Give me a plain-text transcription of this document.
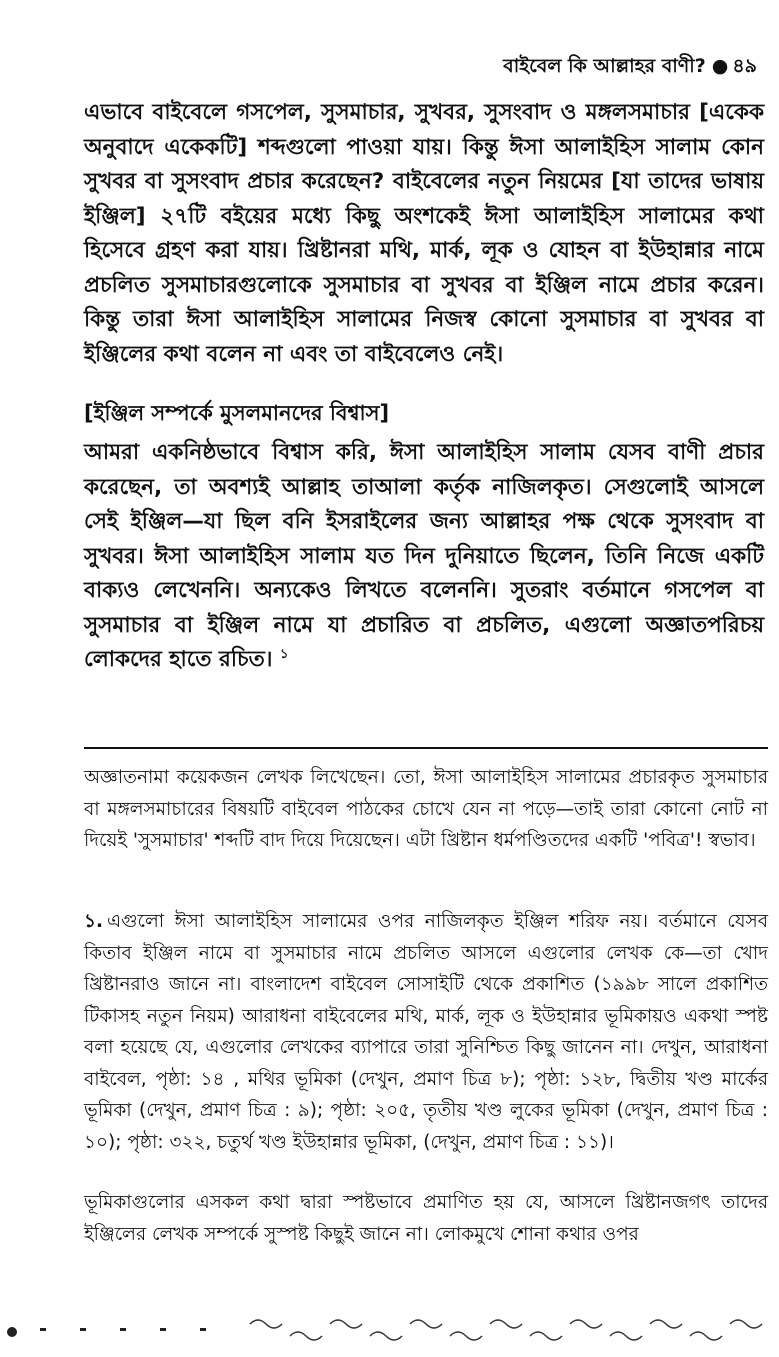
বাইবেল কি আল্লাহর বাণী? ● ৪৯
এভাবে বাইবেলে গসপেল, সুসমাচার, সুখবর, সুসংবাদ ও মঙ্গলসমাচার [একেক অনুবাদে একেকটি] শব্দগুলো পাওয়া যায়। কিন্তু ঈসা আলাইহিস সালাম কোন সুখবর বা সুসংবাদ প্রচার করেছেন? বাইবেলের নতুন নিয়মের [যা তাদের ভাষায় ইঞ্জিল] ২৭টি বইয়ের মধ্যে কিছু অংশকেই ঈসা আলাইহিস সালামের কথা হিসেবে গ্রহণ করা যায়। খ্রিষ্টানরা মথি, মার্ক, লূক ও যোহন বা ইউহান্নার নামে প্রচলিত সুসমাচারগুলোকে সুসমাচার বা সুখবর বা ইঞ্জিল নামে প্রচার করেন। কিন্তু তারা ঈসা আলাইহিস সালামের নিজস্ব কোনো সুসমাচার বা সুখবর বা ইঞ্জিলের কথা বলেন না এবং তা বাইবেলেও নেই।
[ইঞ্জিল সম্পর্কে মুসলমানদের বিশ্বাস]
আমরা একনিষ্ঠভাবে বিশ্বাস করি, ঈসা আলাইহিস সালাম যেসব বাণী প্রচার করেছেন, তা অবশ্যই আল্লাহ তাআলা কর্তৃক নাজিলকৃত। সেগুলোই আসলে সেই ইঞ্জিল—যা ছিল বনি ইসরাইলের জন্য আল্লাহর পক্ষ থেকে সুসংবাদ বা সুখবর। ঈসা আলাইহিস সালাম যত দিন দুনিয়াতে ছিলেন, তিনি নিজে একটি বাক্যও লেখেননি। অন্যকেও লিখতে বলেননি। সুতরাং বর্তমানে গসপেল বা সুসমাচার বা ইঞ্জিল নামে যা প্রচারিত বা প্রচলিত, এগুলো অজ্ঞাতপরিচয় লোকদের হাতে রচিত। $^১$
অজ্ঞাতনামা কয়েকজন লেখক লিখেছেন। তো, ঈসা আলাইহিস সালামের প্রচারকৃত সুসমাচার বা মঙ্গলসমাচারের বিষয়টি বাইবেল পাঠকের চোখে যেন না পড়ে—তাই তারা কোনো নোট না দিয়েই 'সুসমাচার' শব্দটি বাদ দিয়ে দিয়েছেন। এটা খ্রিষ্টান ধর্মপণ্ডিতদের একটি 'পবিত্র'! স্বভাব।
১. এগুলো ঈসা আলাইহিস সালামের ওপর নাজিলকৃত ইঞ্জিল শরিফ নয়। বর্তমানে যেসব কিতাব ইঞ্জিল নামে বা সুসমাচার নামে প্রচলিত আসলে এগুলোর লেখক কে—তা খোদ খ্রিষ্টানরাও জানে না। বাংলাদেশ বাইবেল সোসাইটি থেকে প্রকাশিত (১৯৯৮ সালে প্রকাশিত টিকাসহ নতুন নিয়ম) আরাধনা বাইবেলের মথি, মার্ক, লূক ও ইউহান্নার ভূমিকায়ও একথা স্পষ্ট বলা হয়েছে যে, এগুলোর লেখকের ব্যাপারে তারা সুনিশ্চিত কিছু জানেন না। দেখুন, আরাধনা বাইবেল, পৃষ্ঠা: ১৪ , মথির ভূমিকা (দেখুন, প্রমাণ চিত্র ৮); পৃষ্ঠা: ১২৮, দ্বিতীয় খণ্ড মার্কের ভূমিকা (দেখুন, প্রমাণ চিত্র : ৯); পৃষ্ঠা: ২০৫, তৃতীয় খণ্ড লুকের ভূমিকা (দেখুন, প্রমাণ চিত্র : ১০); পৃষ্ঠা: ৩২২, চতুর্থ খণ্ড ইউহান্নার ভূমিকা, (দেখুন, প্রমাণ চিত্র : ১১)।
ভূমিকাগুলোর এসকল কথা দ্বারা স্পষ্টভাবে প্রমাণিত হয় যে, আসলে খ্রিষ্টানজগৎ তাদের ইঞ্জিলের লেখক সম্পর্কে সুস্পষ্ট কিছুই জানে না। লোকমুখে শোনা কথার ওপর
